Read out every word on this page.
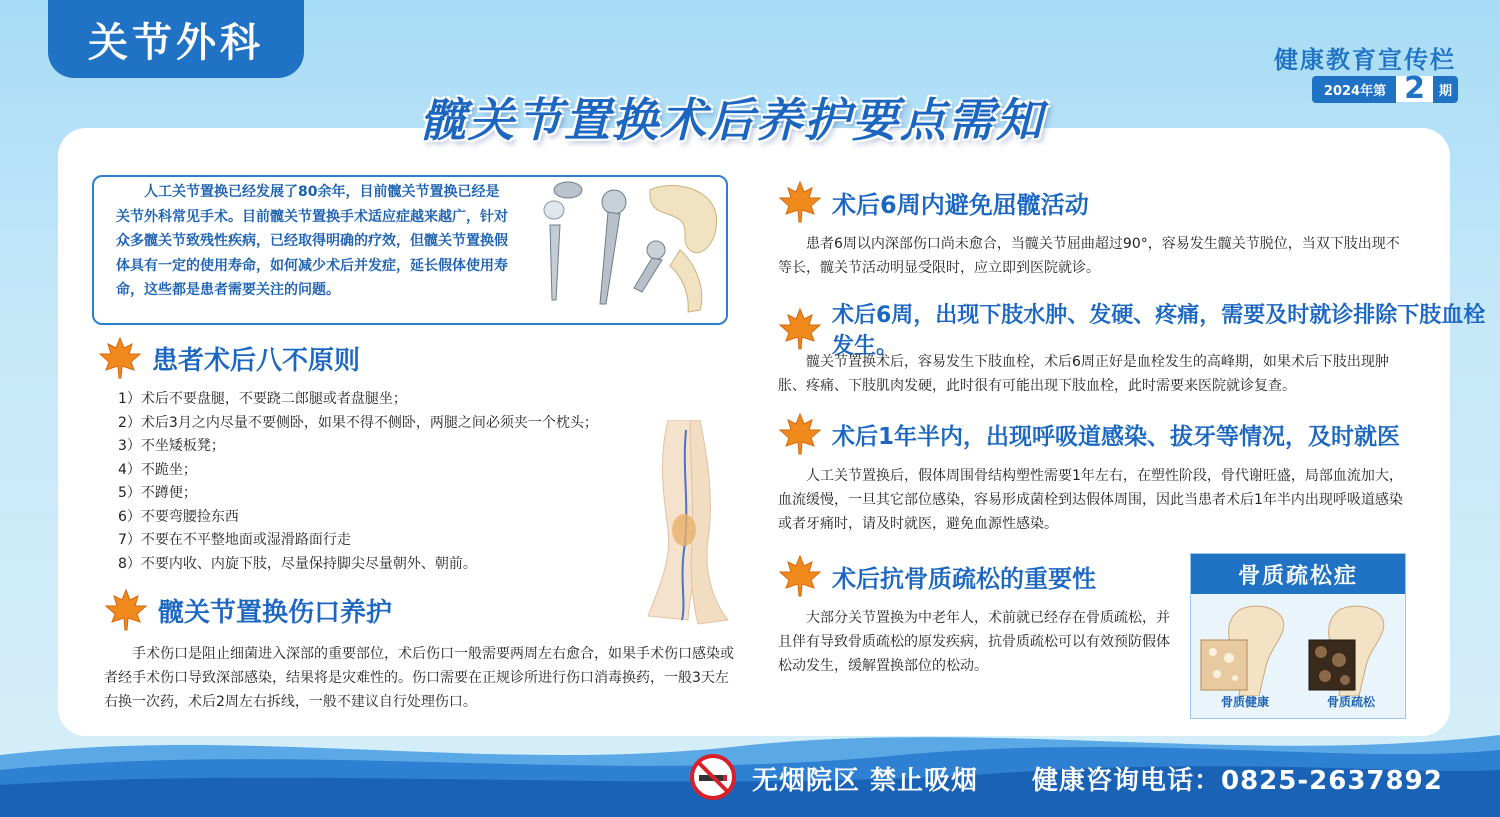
关节外科	健康教育宣传栏
2024年第 2	期
髋关节置换术后养护要点需知
人工关节置换已经发展了80余年，目前髋关节置换已经是关节外科常见手术。目前髋关节置换手术适应症越来越广，针对众多髋关节致残性疾病，已经取得明确的疗效，但髋关节置换假体具有一定的使用寿命，如何减少术后并发症，延长假体使用寿命，这些都是患者需要关注的问题。
患者术后八不原则
1）术后不要盘腿，不要跷二郎腿或者盘腿坐；
2）术后3月之内尽量不要侧卧，如果不得不侧卧，两腿之间必须夹一个枕头；
3）不坐矮板凳；
4）不跪坐；
5）不蹲便；
6）不要弯腰捡东西
7）不要在不平整地面或湿滑路面行走
8）不要内收、内旋下肢，尽量保持脚尖尽量朝外、朝前。
髋关节置换伤口养护
手术伤口是阻止细菌进入深部的重要部位，术后伤口一般需要两周左右愈合，如果手术伤口感染或者经手术伤口导致深部感染，结果将是灾难性的。伤口需要在正规诊所进行伤口消毒换药，一般3天左右换一次药，术后2周左右拆线，一般不建议自行处理伤口。
术后6周内避免屈髋活动
患者6周以内深部伤口尚未愈合，当髋关节屈曲超过90°，容易发生髋关节脱位，当双下肢出现不等长，髋关节活动明显受限时，应立即到医院就诊。
术后6周，出现下肢水肿、发硬、疼痛，需要及时就诊排除下肢血栓发生。
髋关节置换术后，容易发生下肢血栓，术后6周正好是血栓发生的高峰期，如果术后下肢出现肿胀、疼痛、下肢肌肉发硬，此时很有可能出现下肢血栓，此时需要来医院就诊复查。
术后1年半内，出现呼吸道感染、拔牙等情况，及时就医
人工关节置换后，假体周围骨结构塑性需要1年左右，在塑性阶段，骨代谢旺盛，局部血流加大，血流缓慢，一旦其它部位感染，容易形成菌栓到达假体周围，因此当患者术后1年半内出现呼吸道感染或者牙痛时，请及时就医，避免血源性感染。
术后抗骨质疏松的重要性
大部分关节置换为中老年人，术前就已经存在骨质疏松，并且伴有导致骨质疏松的原发疾病，抗骨质疏松可以有效预防假体松动发生，缓解置换部位的松动。
骨质疏松症
骨质健康	骨质疏松
无烟院区 禁止吸烟 健康咨询电话：0825-2637892
